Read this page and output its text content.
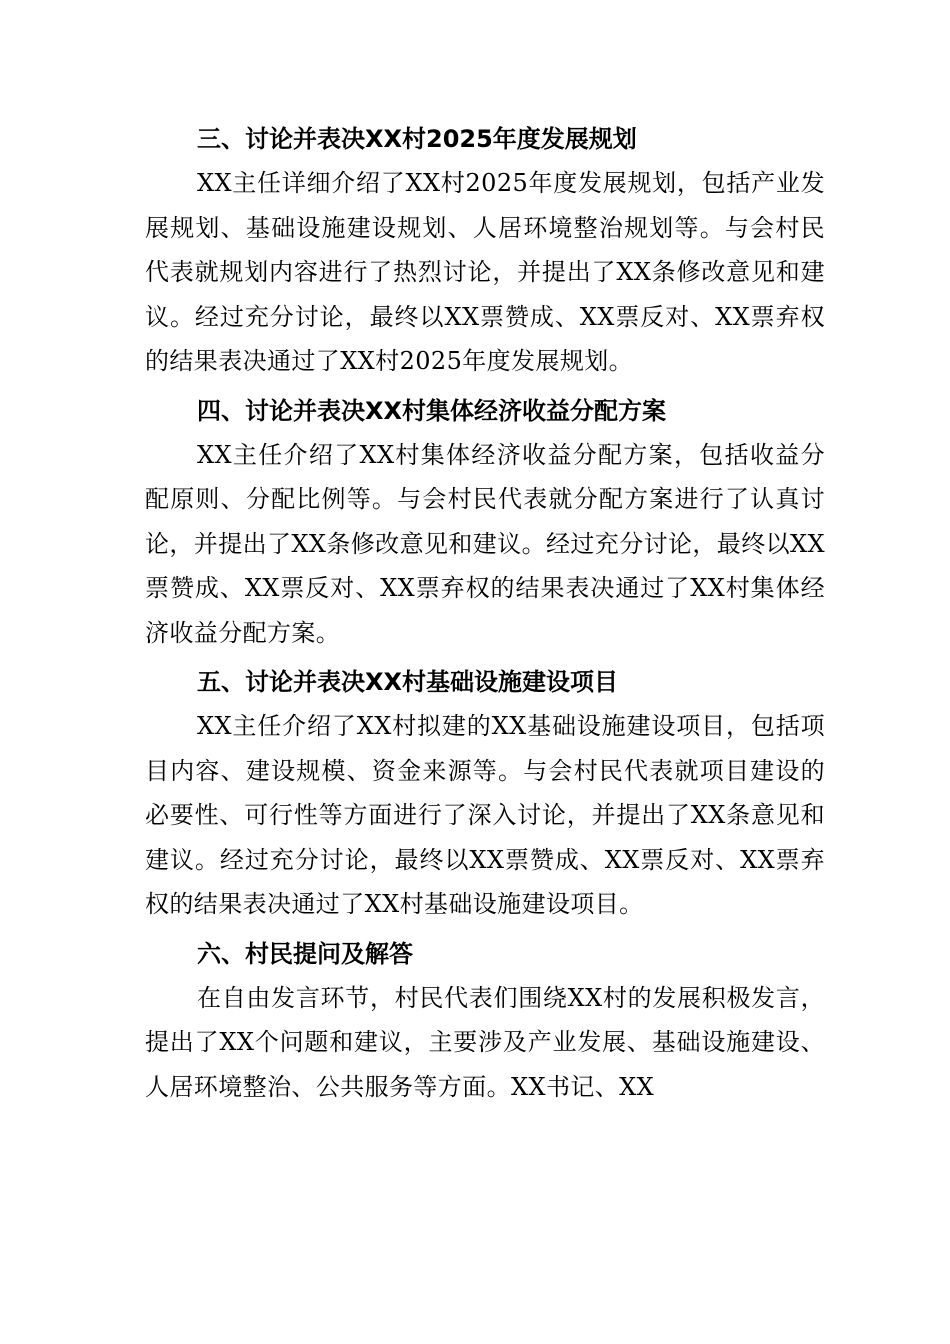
三、讨论并表决XX村2025年度发展规划

XX主任详细介绍了XX村2025年度发展规划，包括产业发展规划、基础设施建设规划、人居环境整治规划等。与会村民代表就规划内容进行了热烈讨论，并提出了XX条修改意见和建议。经过充分讨论，最终以XX票赞成、XX票反对、XX票弃权的结果表决通过了XX村2025年度发展规划。

四、讨论并表决XX村集体经济收益分配方案

XX主任介绍了XX村集体经济收益分配方案，包括收益分配原则、分配比例等。与会村民代表就分配方案进行了认真讨论，并提出了XX条修改意见和建议。经过充分讨论，最终以XX票赞成、XX票反对、XX票弃权的结果表决通过了XX村集体经济收益分配方案。

五、讨论并表决XX村基础设施建设项目

XX主任介绍了XX村拟建的XX基础设施建设项目，包括项目内容、建设规模、资金来源等。与会村民代表就项目建设的必要性、可行性等方面进行了深入讨论，并提出了XX条意见和建议。经过充分讨论，最终以XX票赞成、XX票反对、XX票弃权的结果表决通过了XX村基础设施建设项目。

六、村民提问及解答

在自由发言环节，村民代表们围绕XX村的发展积极发言，提出了XX个问题和建议，主要涉及产业发展、基础设施建设、人居环境整治、公共服务等方面。XX书记、XX
